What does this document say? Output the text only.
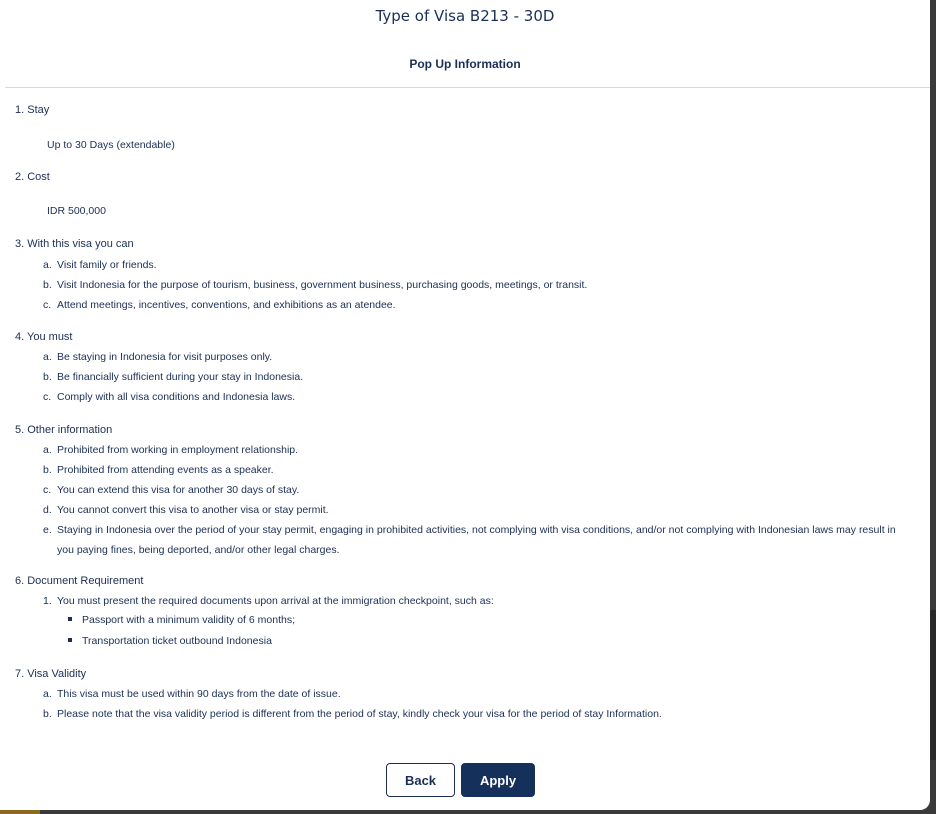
Type of Visa B213 - 30D
Pop Up Information
1. Stay
Up to 30 Days (extendable)
2. Cost
IDR 500,000
3. With this visa you can
a. Visit family or friends.
b. Visit Indonesia for the purpose of tourism, business, government business, purchasing goods, meetings, or transit.
c. Attend meetings, incentives, conventions, and exhibitions as an atendee.
4. You must
a. Be staying in Indonesia for visit purposes only.
b. Be financially sufficient during your stay in Indonesia.
c. Comply with all visa conditions and Indonesia laws.
5. Other information
a. Prohibited from working in employment relationship.
b. Prohibited from attending events as a speaker.
c. You can extend this visa for another 30 days of stay.
d. You cannot convert this visa to another visa or stay permit.
e. Staying in Indonesia over the period of your stay permit, engaging in prohibited activities, not complying with visa conditions, and/or not complying with Indonesian laws may result in you paying fines, being deported, and/or other legal charges.
6. Document Requirement
1. You must present the required documents upon arrival at the immigration checkpoint, such as:
Passport with a minimum validity of 6 months;
Transportation ticket outbound Indonesia
7. Visa Validity
a. This visa must be used within 90 days from the date of issue.
b. Please note that the visa validity period is different from the period of stay, kindly check your visa for the period of stay Information.
Back	Apply
